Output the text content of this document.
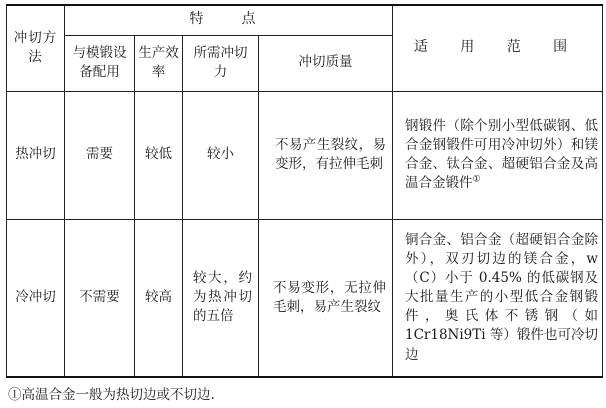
冲切方法	特　点				适 用 范 围
	与模锻设备配用	生产效率	所需冲切力	冲切质量	
热冲切	需要	较低	较小	不易产生裂纹，易变形，有拉伸毛刺	钢锻件（除个别小型低碳钢、低合金钢锻件可用冷冲切外）和镁合金、钛合金、超硬铝合金及高温合金锻件①
冷冲切	不需要	较高	较大，约为热冲切的五倍	不易变形，无拉伸毛刺，易产生裂纹	铜合金、铝合金（超硬铝合金除外），双刃切边的镁合金，w（C）小于 0.45% 的低碳钢及大批量生产的小型低合金钢锻件，奥氏体不锈钢（如 1Cr18Ni9Ti 等）锻件也可冷切边
①高温合金一般为热切边或不切边.
